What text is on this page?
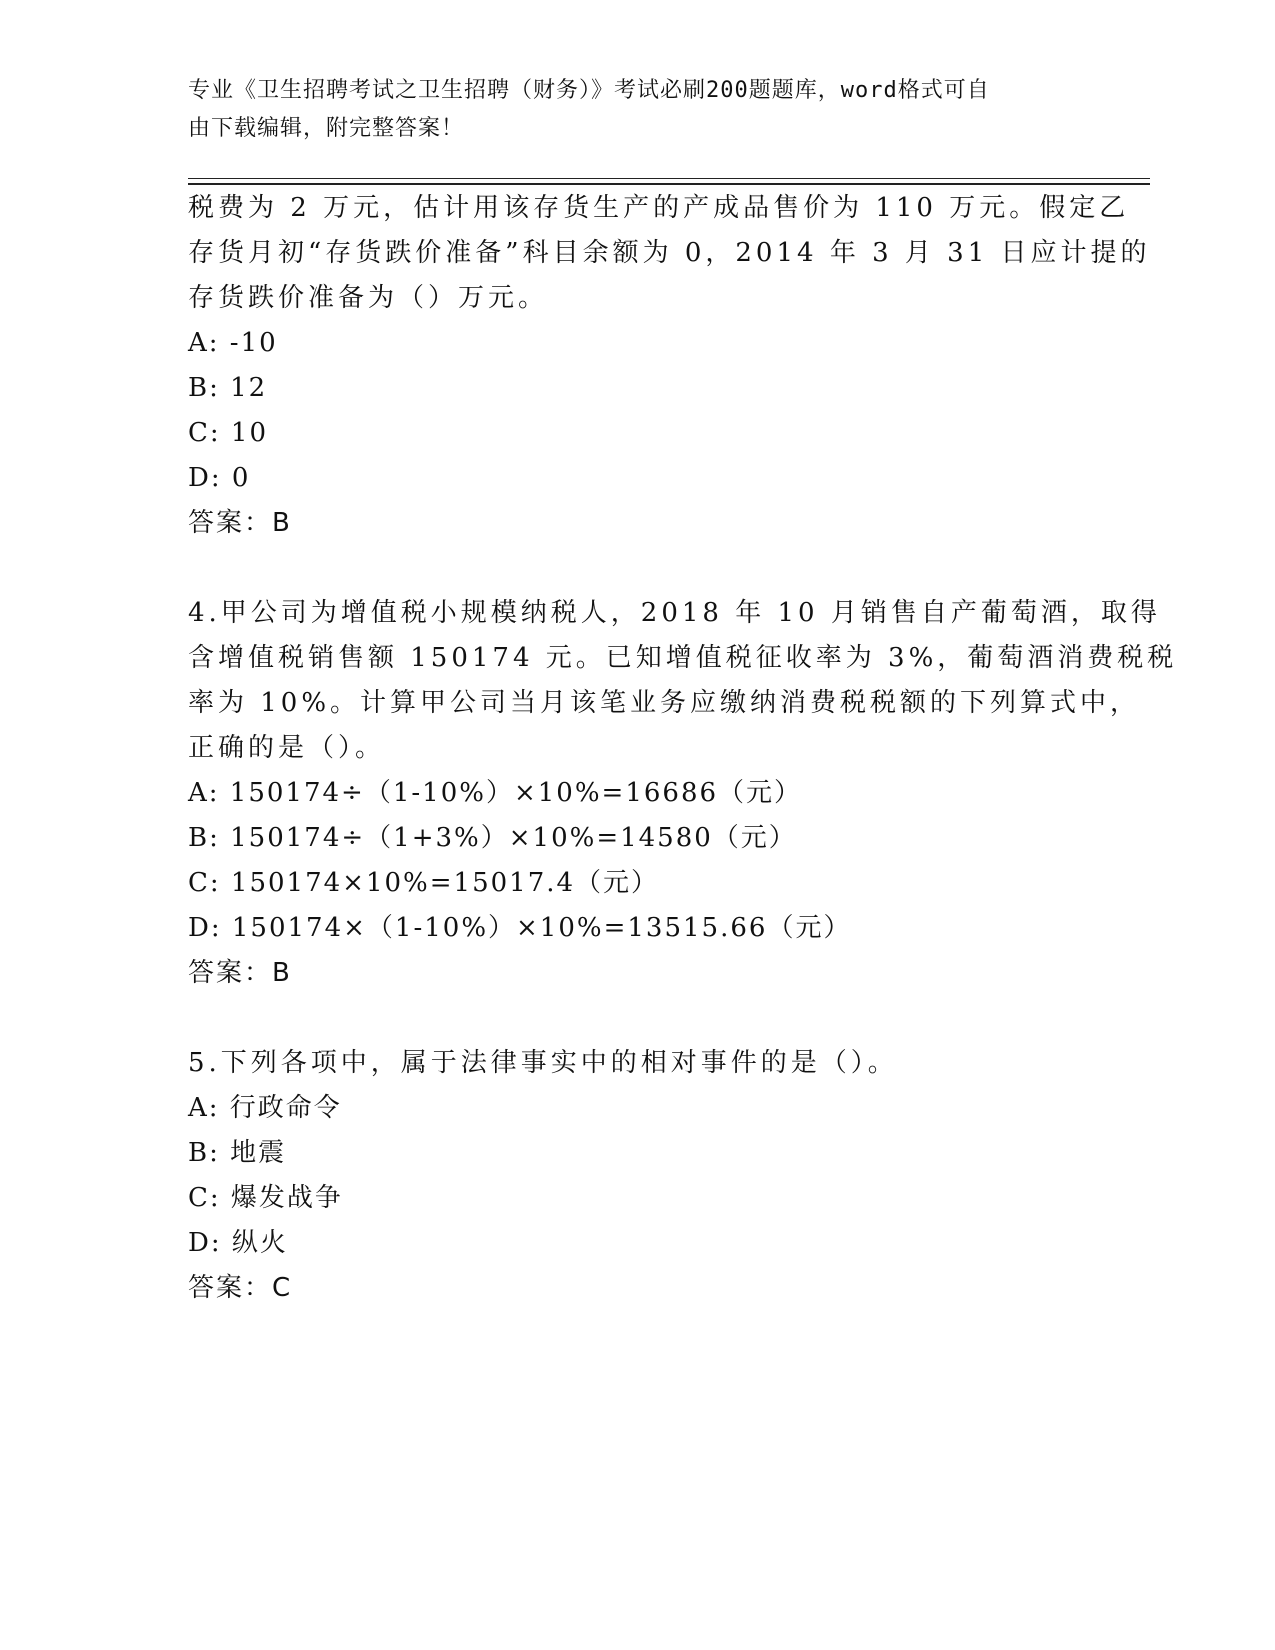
专业《卫生招聘考试之卫生招聘（财务）》考试必刷200题题库，word格式可自
由下载编辑，附完整答案！
税费为 2 万元，估计用该存货生产的产成品售价为 110 万元。假定乙
存货月初“存货跌价准备”科目余额为 0，2014 年 3 月 31 日应计提的
存货跌价准备为（）万元。
A: -10
B: 12
C: 10
D: 0
答案：B
4.甲公司为增值税小规模纳税人，2018 年 10 月销售自产葡萄酒，取得
含增值税销售额 150174 元。已知增值税征收率为 3%，葡萄酒消费税税
率为 10%。计算甲公司当月该笔业务应缴纳消费税税额的下列算式中，
正确的是（）。
A: 150174÷（1-10%）×10%=16686（元）
B: 150174÷（1+3%）×10%=14580（元）
C: 150174×10%=15017.4（元）
D: 150174×（1-10%）×10%=13515.66（元）
答案：B
5.下列各项中，属于法律事实中的相对事件的是（）。
A: 行政命令
B: 地震
C: 爆发战争
D: 纵火
答案：C
